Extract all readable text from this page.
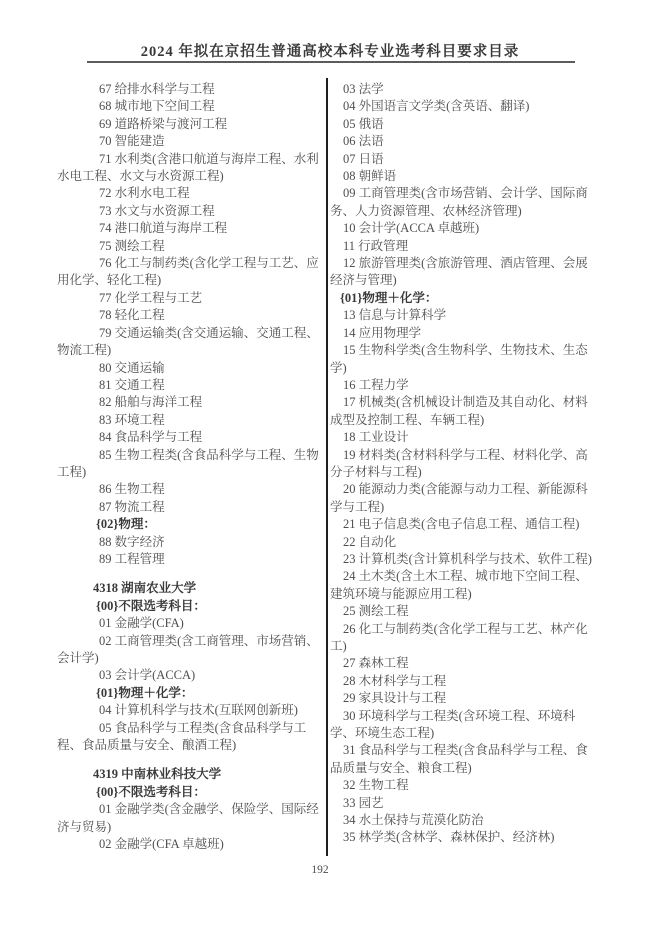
2024 年拟在京招生普通高校本科专业选考科目要求目录

67 给排水科学与工程

68 城市地下空间工程

69 道路桥梁与渡河工程

70 智能建造

71 水利类(含港口航道与海岸工程、水利水电工程、水文与水资源工程)

72 水利水电工程

73 水文与水资源工程

74 港口航道与海岸工程

75 测绘工程

76 化工与制药类(含化学工程与工艺、应用化学、轻化工程)

77 化学工程与工艺

78 轻化工程

79 交通运输类(含交通运输、交通工程、物流工程)

80 交通运输

81 交通工程

82 船舶与海洋工程

83 环境工程

84 食品科学与工程

85 生物工程类(含食品科学与工程、生物工程)

86 生物工程

87 物流工程

{02}物理：

88 数字经济

89 工程管理

4318 湖南农业大学

{00}不限选考科目：

01 金融学(CFA)

02 工商管理类(含工商管理、市场营销、会计学)

03 会计学(ACCA)

{01}物理＋化学：

04 计算机科学与技术(互联网创新班)

05 食品科学与工程类(含食品科学与工程、食品质量与安全、酿酒工程)

4319 中南林业科技大学

{00}不限选考科目：

01 金融学类(含金融学、保险学、国际经济与贸易)

02 金融学(CFA 卓越班)

03 法学

04 外国语言文学类(含英语、翻译)

05 俄语

06 法语

07 日语

08 朝鲜语

09 工商管理类(含市场营销、会计学、国际商务、人力资源管理、农林经济管理)

10 会计学(ACCA 卓越班)

11 行政管理

12 旅游管理类(含旅游管理、酒店管理、会展经济与管理)

{01}物理＋化学：

13 信息与计算科学

14 应用物理学

15 生物科学类(含生物科学、生物技术、生态学)

16 工程力学

17 机械类(含机械设计制造及其自动化、材料成型及控制工程、车辆工程)

18 工业设计

19 材料类(含材料科学与工程、材料化学、高分子材料与工程)

20 能源动力类(含能源与动力工程、新能源科学与工程)

21 电子信息类(含电子信息工程、通信工程)

22 自动化

23 计算机类(含计算机科学与技术、软件工程)

24 土木类(含土木工程、城市地下空间工程、建筑环境与能源应用工程)

25 测绘工程

26 化工与制药类(含化学工程与工艺、林产化工)

27 森林工程

28 木材科学与工程

29 家具设计与工程

30 环境科学与工程类(含环境工程、环境科学、环境生态工程)

31 食品科学与工程类(含食品科学与工程、食品质量与安全、粮食工程)

32 生物工程

33 园艺

34 水土保持与荒漠化防治

35 林学类(含林学、森林保护、经济林)

192
